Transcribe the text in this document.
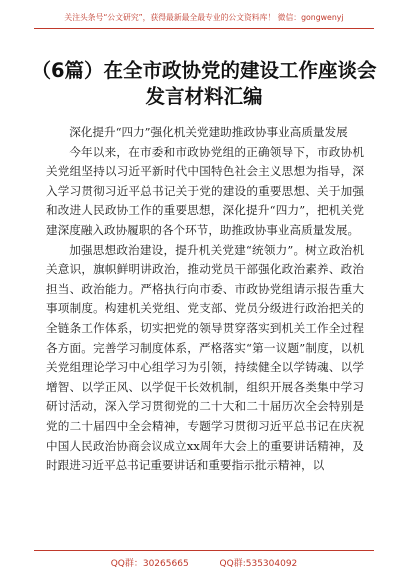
关注头条号“公文研究”，获得最新最全最专业的公文资料库！ 微信：gongwenyj
（6篇）在全市政协党的建设工作座谈会
发言材料汇编

深化提升“四力”强化机关党建助推政协事业高质量发展

今年以来，在市委和市政协党组的正确领导下，市政协机关党组坚持以习近平新时代中国特色社会主义思想为指导，深入学习贯彻习近平总书记关于党的建设的重要思想、关于加强和改进人民政协工作的重要思想，深化提升“四力”，把机关党建深度融入政协履职的各个环节，助推政协事业高质量发展。

加强思想政治建设，提升机关党建“统领力”。树立政治机关意识，旗帜鲜明讲政治，推动党员干部强化政治素养、政治担当、政治能力。严格执行向市委、市政协党组请示报告重大事项制度。构建机关党组、党支部、党员分级进行政治把关的全链条工作体系，切实把党的领导贯穿落实到机关工作全过程各方面。完善学习制度体系，严格落实“第一议题”制度，以机关党组理论学习中心组学习为引领，持续健全以学铸魂、以学增智、以学正风、以学促干长效机制，组织开展各类集中学习研讨活动，深入学习贯彻党的二十大和二十届历次全会特别是党的二十届四中全会精神，专题学习贯彻习近平总书记在庆祝中国人民政治协商会议成立xx周年大会上的重要讲话精神，及时跟进习近平总书记重要讲话和重要指示批示精神，以

QQ群：30265665	QQ群:535304092
